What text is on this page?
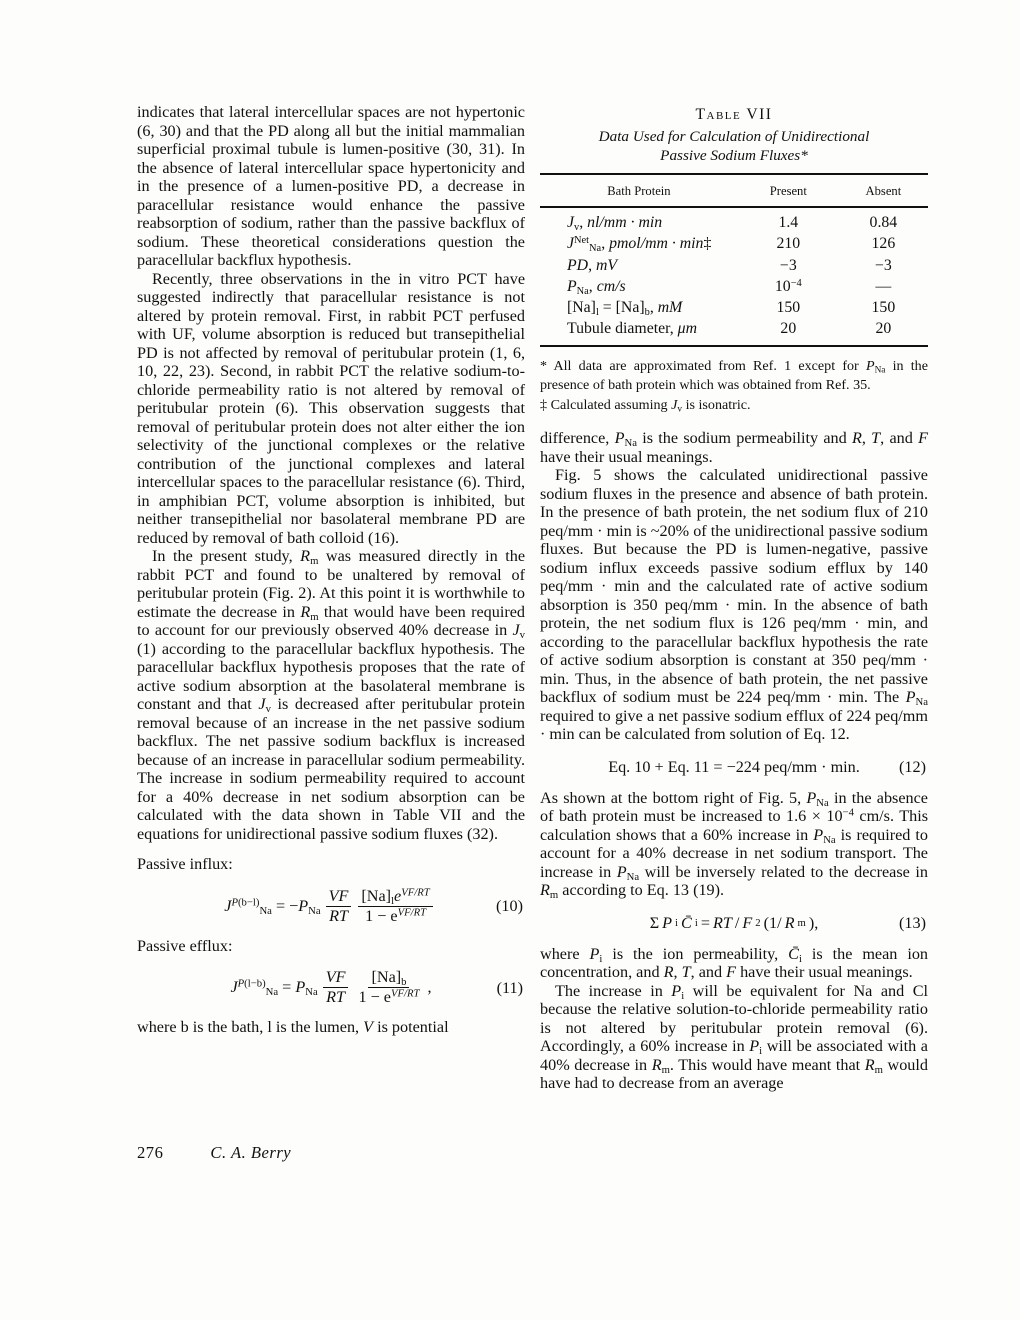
indicates that lateral intercellular spaces are not hypertonic (6, 30) and that the PD along all but the initial mammalian superficial proximal tubule is lumen-positive (30, 31). In the absence of lateral intercellular space hypertonicity and in the presence of a lumen-positive PD, a decrease in paracellular resistance would enhance the passive reabsorption of sodium, rather than the passive backflux of sodium. These theoretical considerations question the paracellular backflux hypothesis.

Recently, three observations in the in vitro PCT have suggested indirectly that paracellular resistance is not altered by protein removal. First, in rabbit PCT perfused with UF, volume absorption is reduced but transepithelial PD is not affected by removal of peritubular protein (1, 6, 10, 22, 23). Second, in rabbit PCT the relative sodium-to-chloride permeability ratio is not altered by removal of peritubular protein (6). This observation suggests that removal of peritubular protein does not alter either the ion selectivity of the junctional complexes or the relative contribution of the junctional complexes and lateral intercellular spaces to the paracellular resistance (6). Third, in amphibian PCT, volume absorption is inhibited, but neither transepithelial nor basolateral membrane PD are reduced by removal of bath colloid (16).

In the present study, $R_m$ was measured directly in the rabbit PCT and found to be unaltered by removal of peritubular protein (Fig. 2). At this point it is worthwhile to estimate the decrease in $R_m$ that would have been required to account for our previously observed 40% decrease in $J_v$ (1) according to the paracellular backflux hypothesis. The paracellular backflux hypothesis proposes that the rate of active sodium absorption at the basolateral membrane is constant and that $J_v$ is decreased after peritubular protein removal because of an increase in the net passive sodium backflux. The net passive sodium backflux is increased because of an increase in paracellular sodium permeability. The increase in sodium permeability required to account for a 40% decrease in net sodium absorption can be calculated with the data shown in Table VII and the equations for unidirectional passive sodium fluxes (32).

Passive influx:

$J^{P(b-l)}_{Na} = -P_{Na} \frac{VF}{RT} \frac{[Na]_le^{VF/RT}}{1 - e^{VF/RT}}$	(10)

Passive efflux:

$J^{P(l-b)}_{Na} = P_{Na} \frac{VF}{RT} \frac{[Na]_b}{1 - e^{VF/RT}}$ ,	(11)

where b is the bath, l is the lumen, V is potential

Table VII
Data Used for Calculation of Unidirectional
Passive Sodium Fluxes*
Bath Protein	Present	Absent
$J_v$, nl/mm · min	1.4	0.84
$J^{Net}_{Na}$, pmol/mm · min‡	210	126
PD, mV	−3	−3
$P_{Na}$, cm/s	$10^{-4}$	—
$[Na]_l = [Na]_b$, mM	150	150
Tubule diameter, μm	20	20
* All data are approximated from Ref. 1 except for $P_{Na}$ in the presence of bath protein which was obtained from Ref. 35.
‡ Calculated assuming $J_v$ is isonatric.

difference, $P_{Na}$ is the sodium permeability and R, T, and F have their usual meanings.

Fig. 5 shows the calculated unidirectional passive sodium fluxes in the presence and absence of bath protein. In the presence of bath protein, the net sodium flux of 210 peq/mm · min is ~20% of the unidirectional passive sodium fluxes. But because the PD is lumen-negative, passive sodium influx exceeds passive sodium efflux by 140 peq/mm · min and the calculated rate of active sodium absorption is 350 peq/mm · min. In the absence of bath protein, the net sodium flux is 126 peq/mm · min, and according to the paracellular backflux hypothesis the rate of active sodium absorption is constant at 350 peq/mm · min. Thus, in the absence of bath protein, the net passive backflux of sodium must be 224 peq/mm · min. The $P_{Na}$ required to give a net passive sodium efflux of 224 peq/mm · min can be calculated from solution of Eq. 12.

Eq. 10 + Eq. 11 = −224 peq/mm · min. (12)

As shown at the bottom right of Fig. 5, $P_{Na}$ in the absence of bath protein must be increased to $1.6 \times 10^{-4}$ cm/s. This calculation shows that a 60% increase in $P_{Na}$ is required to account for a 40% decrease in net sodium transport. The increase in $P_{Na}$ will be inversely related to the decrease in $R_m$ according to Eq. 13 (19).

Σ P i C̄ i = RT / F 2 (1/ R m ),	(13)

where $P_i$ is the ion permeability, $C̄_i$ is the mean ion concentration, and R, T, and F have their usual meanings.

The increase in $P_i$ will be equivalent for Na and Cl because the relative solution-to-chloride permeability ratio is not altered by peritubular protein removal (6). Accordingly, a 60% increase in $P_i$ will be associated with a 40% decrease in $R_m$. This would have meant that $R_m$ would have had to decrease from an average

276	C. A. Berry
